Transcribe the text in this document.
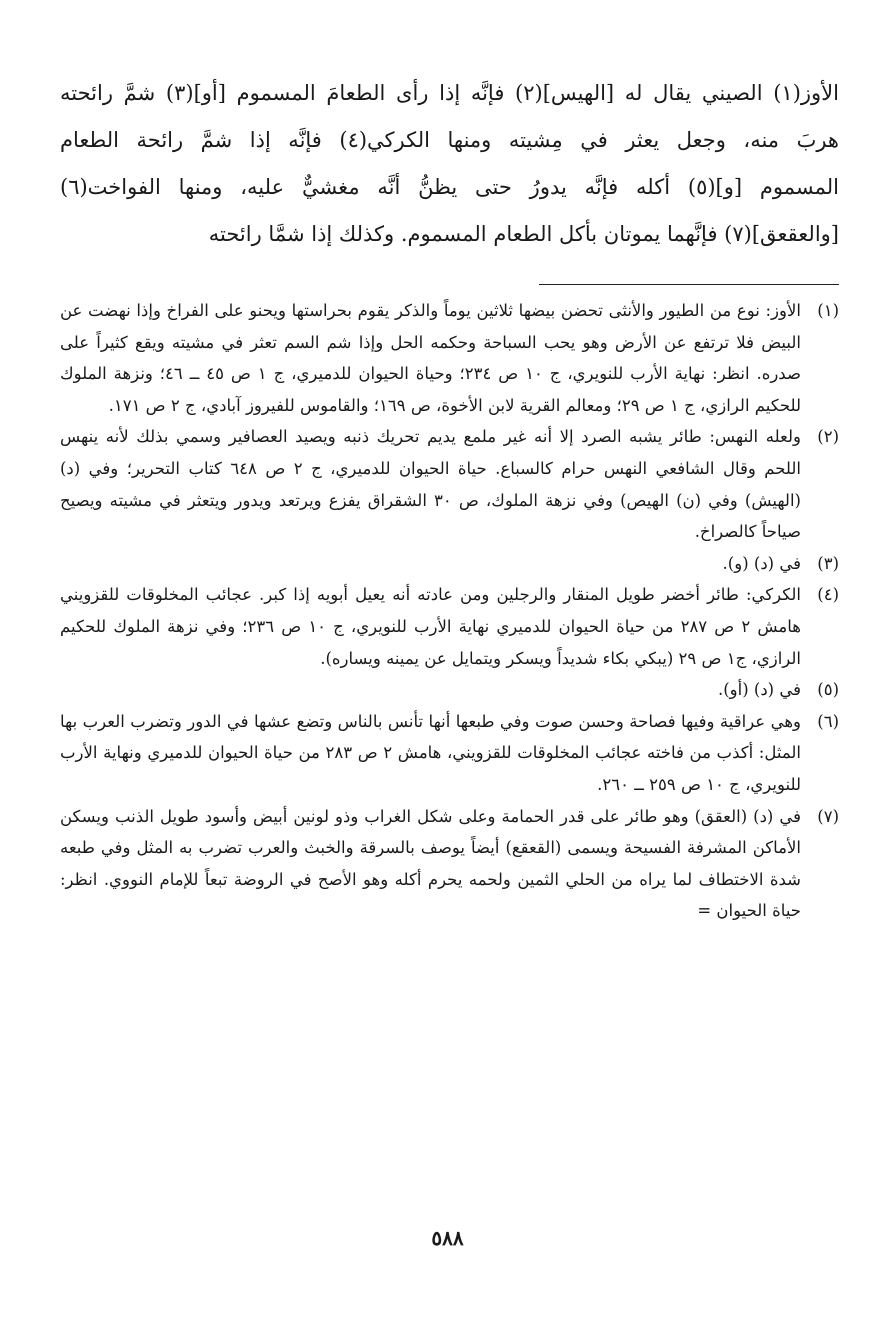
الأوز(١) الصيني يقال له [الهيس](٢) فإنَّه إذا رأى الطعامَ المسموم [أو](٣) شمَّ رائحته

هربَ منه، وجعل يعثر في مِشيته ومنها الكركي(٤) فإنَّه إذا شمَّ رائحة الطعام

المسموم [و](٥) أكله فإنَّه يدورُ حتى يظنُّ أنَّه مغشيٌّ عليه، ومنها الفواخت(٦)

[والعقعق](٧) فإنَّهما يموتان بأكل الطعام المسموم. وكذلك إذا شمَّا رائحته

(١)
الأوز: نوع من الطيور والأنثى تحضن بيضها ثلاثين يوماً والذكر يقوم بحراستها ويحنو على الفراخ وإذا نهضت عن البيض فلا ترتفع عن الأرض وهو يحب السباحة وحكمه الحل وإذا شم السم تعثر في مشيته ويقع كثيراً على صدره. انظر: نهاية الأرب للنويري، ج ١٠ ص ٢٣٤؛ وحياة الحيوان للدميري، ج ١ ص ٤٥ ــ ٤٦؛ ونزهة الملوك للحكيم الرازي، ج ١ ص ٢٩؛ ومعالم القرية لابن الأخوة، ص ١٦٩؛ والقاموس للفيروز آبادي، ج ٢ ص ١٧١.
(٢)
ولعله النهس: طائر يشبه الصرد إلا أنه غير ملمع يديم تحريك ذنبه ويصيد العصافير وسمي بذلك لأنه ينهس اللحم وقال الشافعي النهس حرام كالسباع. حياة الحيوان للدميري، ج ٢ ص ٦٤٨ كتاب التحرير؛ وفي (د) (الهيش) وفي (ن) الهيص) وفي نزهة الملوك، ص ٣٠ الشقراق يفزع ويرتعد ويدور ويتعثر في مشيته ويصيح صياحاً كالصراخ.
(٣)
في (د) (و).
(٤)
الكركي: طائر أخضر طويل المنقار والرجلين ومن عادته أنه يعيل أبويه إذا كبر. عجائب المخلوقات للقزويني هامش ٢ ص ٢٨٧ من حياة الحيوان للدميري نهاية الأرب للنويري، ج ١٠ ص ٢٣٦؛ وفي نزهة الملوك للحكيم الرازي، ج١ ص ٢٩ (يبكي بكاء شديداً ويسكر ويتمايل عن يمينه ويساره).
(٥)
في (د) (أو).
(٦)
وهي عراقية وفيها فصاحة وحسن صوت وفي طبعها أنها تأنس بالناس وتضع عشها في الدور وتضرب العرب بها المثل: أكذب من فاخته عجائب المخلوقات للقزويني، هامش ٢ ص ٢٨٣ من حياة الحيوان للدميري ونهاية الأرب للنويري، ج ١٠ ص ٢٥٩ ــ ٢٦٠.
(٧)
في (د) (العقق) وهو طائر على قدر الحمامة وعلى شكل الغراب وذو لونين أبيض وأسود طويل الذنب ويسكن الأماكن المشرفة الفسيحة ويسمى (القعقع) أيضاً يوصف بالسرقة والخبث والعرب تضرب به المثل وفي طبعه شدة الاختطاف لما يراه من الحلي الثمين ولحمه يحرم أكله وهو الأصح في الروضة تبعاً للإمام النووي. انظر: حياة الحيوان =
٥٨٨
